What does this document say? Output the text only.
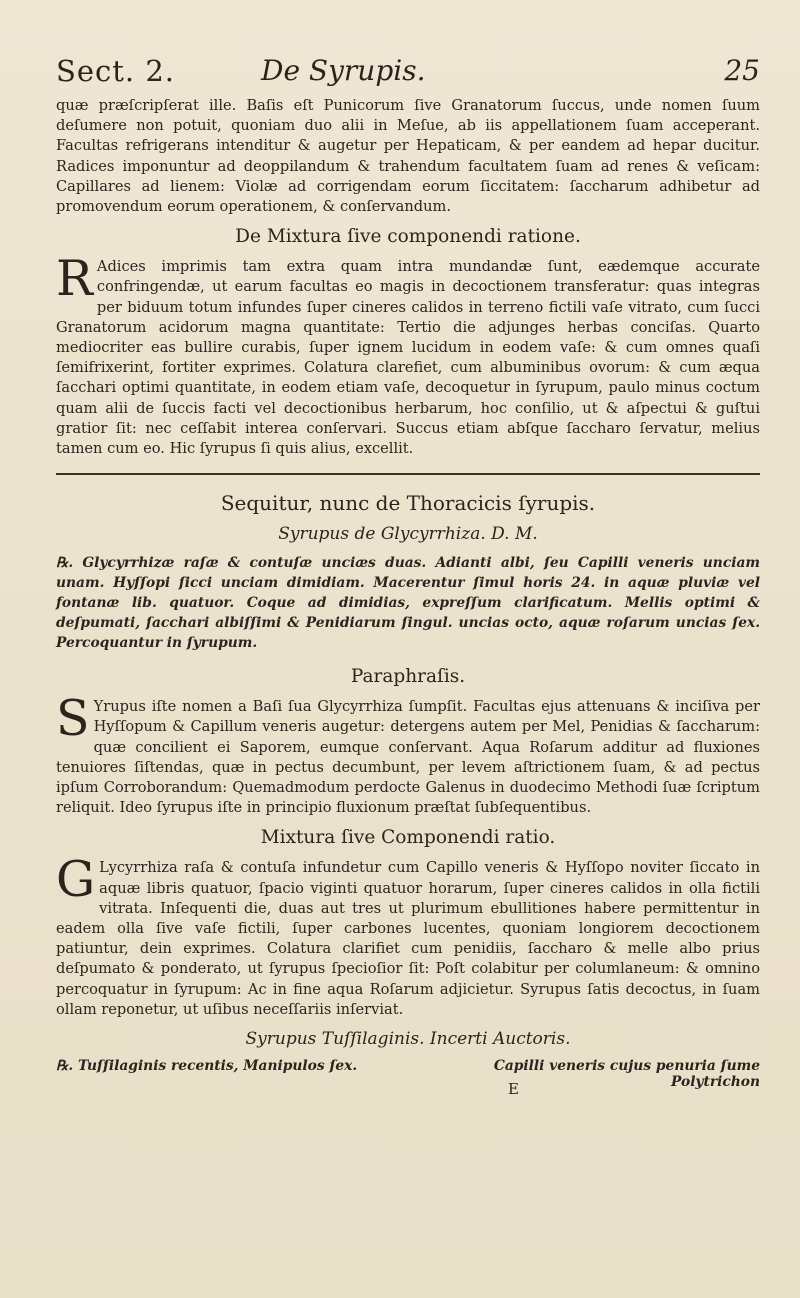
Sect. 2.	De Syrupis.	25

quæ præſcripſerat ille. Baſis eſt Punicorum ſive Granatorum ſuccus, unde nomen ſuum deſumere non potuit, quoniam duo alii in Meſue, ab iis appellationem ſuam acceperant. Facultas refrigerans intenditur & augetur per Hepaticam, & per eandem ad hepar ducitur. Radices imponuntur ad deoppilandum & trahendum facultatem ſuam ad renes & veſicam: Capillares ad lienem: Violæ ad corrigendam eorum ſiccitatem: ſaccharum adhibetur ad promovendum eorum operationem, & conſervandum.

De Mixtura ſive componendi ratione.

R Adices imprimis tam extra quam intra mundandæ ſunt, eædemque accurate confringendæ, ut earum facultas eo magis in decoctionem transferatur: quas integras per biduum totum infundes ſuper cineres calidos in terreno fictili vaſe vitrato, cum ſucci Granatorum acidorum magna quantitate: Tertio die adjunges herbas conciſas. Quarto mediocriter eas bullire curabis, ſuper ignem lucidum in eodem vaſe: & cum omnes quaſi ſemifrixerint, fortiter exprimes. Colatura clarefiet, cum albuminibus ovorum: & cum æqua ſacchari optimi quantitate, in eodem etiam vaſe, decoquetur in ſyrupum, paulo minus coctum quam alii de ſuccis facti vel decoctionibus herbarum, hoc conſilio, ut & aſpectui & guſtui gratior ſit: nec ceſſabit interea conſervari. Succus etiam abſque ſaccharo ſervatur, melius tamen cum eo. Hic ſyrupus ſi quis alius, excellit.

Sequitur, nunc de Thoracicis ſyrupis.
Syrupus de Glycyrrhiza. D. M.

℞. Glycyrrhizæ raſæ & contuſæ unciæs duas. Adianti albi, ſeu Capilli veneris unciam unam. Hyſſopi ſicci unciam dimidiam. Macerentur ſimul horis 24. in aquæ pluviæ vel fontanæ lib. quatuor. Coque ad dimidias, expreſſum clarificatum. Mellis optimi & deſpumati, ſacchari albiſſimi & Penidiarum ſingul. uncias octo, aquæ roſarum uncias ſex. Percoquantur in ſyrupum.

Paraphraſis.

S Yrupus iſte nomen a Baſi ſua Glycyrrhiza ſumpſit. Facultas ejus attenuans & inciſiva per Hyſſopum & Capillum veneris augetur: detergens autem per Mel, Penidias & ſaccharum: quæ concilient ei Saporem, eumque conſervant. Aqua Roſarum additur ad fluxiones tenuiores ſiſtendas, quæ in pectus decumbunt, per levem aſtrictionem ſuam, & ad pectus ipſum Corroborandum: Quemadmodum perdocte Galenus in duodecimo Methodi ſuæ ſcriptum reliquit. Ideo ſyrupus iſte in principio fluxionum præſtat ſubſequentibus.

Mixtura ſive Componendi ratio.

G Lycyrrhiza raſa & contuſa infundetur cum Capillo veneris & Hyſſopo noviter ſiccato in aquæ libris quatuor, ſpacio viginti quatuor horarum, ſuper cineres calidos in olla fictili vitrata. Inſequenti die, duas aut tres ut plurimum ebullitiones habere permittentur in eadem olla ſive vaſe fictili, ſuper carbones lucentes, quoniam longiorem decoctionem patiuntur, dein exprimes. Colatura clarifiet cum penidiis, ſaccharo & melle albo prius deſpumato & ponderato, ut ſyrupus ſpecioſior ſit: Poſt colabitur per columlaneum: & omnino percoquatur in ſyrupum: Ac in fine aqua Roſarum adjicietur. Syrupus ſatis decoctus, in ſuam ollam reponetur, ut uſibus neceſſariis inſerviat.

Syrupus Tuſſilaginis. Incerti Auctoris.
℞. Tuſſilaginis recentis, Manipulos ſex.	Capilli veneris cujus penuria ſume Polytrichon
E
